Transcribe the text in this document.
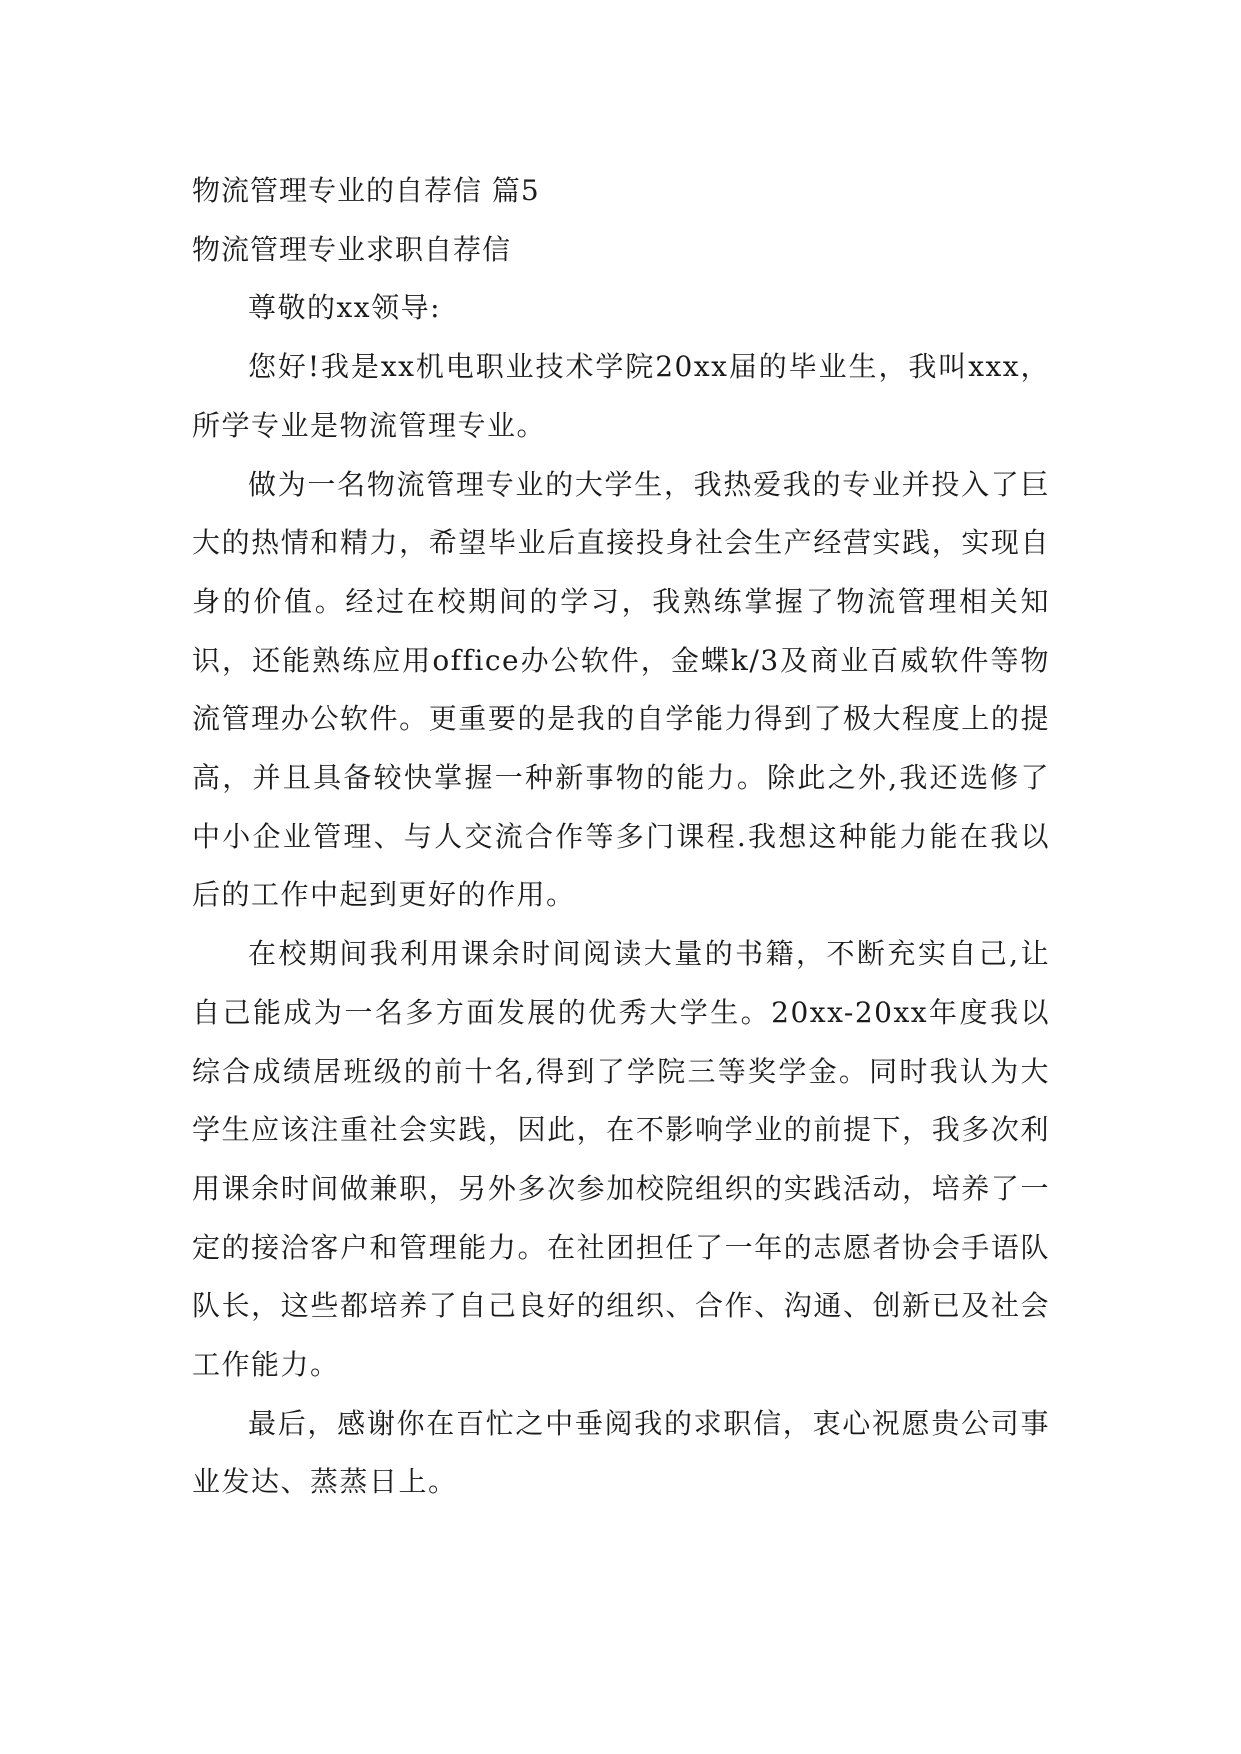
物流管理专业的自荐信 篇5
物流管理专业求职自荐信

尊敬的xx领导:

您好!我是xx机电职业技术学院20xx届的毕业生，我叫xxx，所学专业是物流管理专业。

做为一名物流管理专业的大学生，我热爱我的专业并投入了巨大的热情和精力，希望毕业后直接投身社会生产经营实践，实现自身的价值。经过在校期间的学习，我熟练掌握了物流管理相关知识，还能熟练应用office办公软件，金蝶k/3及商业百威软件等物流管理办公软件。更重要的是我的自学能力得到了极大程度上的提高，并且具备较快掌握一种新事物的能力。除此之外,我还选修了中小企业管理、与人交流合作等多门课程.我想这种能力能在我以后的工作中起到更好的作用。

在校期间我利用课余时间阅读大量的书籍，不断充实自己,让自己能成为一名多方面发展的优秀大学生。20xx-20xx年度我以综合成绩居班级的前十名,得到了学院三等奖学金。同时我认为大学生应该注重社会实践，因此，在不影响学业的前提下，我多次利用课余时间做兼职，另外多次参加校院组织的实践活动，培养了一定的接洽客户和管理能力。在社团担任了一年的志愿者协会手语队队长，这些都培养了自己良好的组织、合作、沟通、创新已及社会工作能力。

最后，感谢你在百忙之中垂阅我的求职信，衷心祝愿贵公司事业发达、蒸蒸日上。
